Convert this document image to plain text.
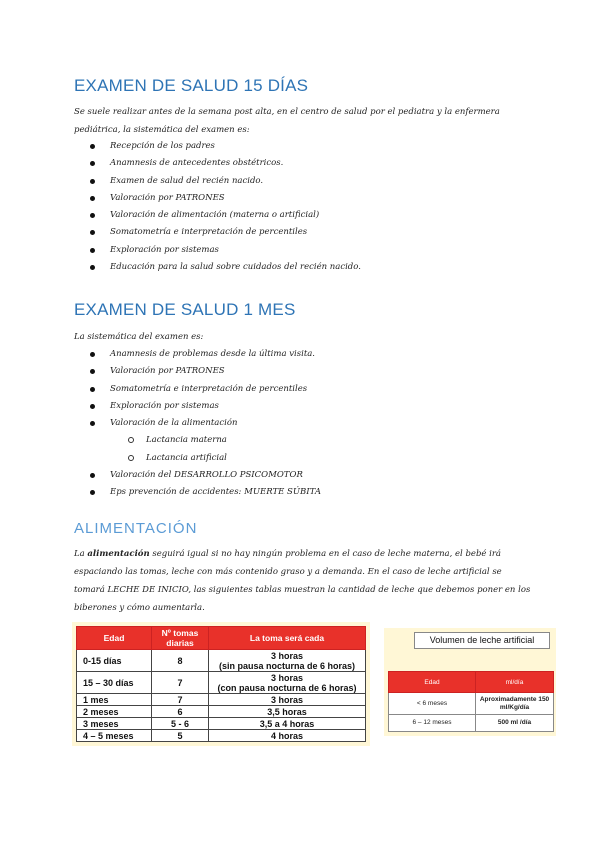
EXAMEN DE SALUD 15 DÍAS
Se suele realizar antes de la semana post alta, en el centro de salud por el pediatra y la enfermera pediátrica, la sistemática del examen es:
Recepción de los padres
Anamnesis de antecedentes obstétricos.
Examen de salud del recién nacido.
Valoración por PATRONES
Valoración de alimentación (materna o artificial)
Somatometría e interpretación de percentiles
Exploración por sistemas
Educación para la salud sobre cuidados del recién nacido.
EXAMEN DE SALUD 1 MES
La sistemática del examen es:
Anamnesis de problemas desde la última visita.
Valoración por PATRONES
Somatometría e interpretación de percentiles
Exploración por sistemas
Valoración de la alimentación
Lactancia materna
Lactancia artificial
Valoración del DESARROLLO PSICOMOTOR
Eps prevención de accidentes: MUERTE SÚBITA
ALIMENTACIÓN
La alimentación seguirá igual si no hay ningún problema en el caso de leche materna, el bebé irá espaciando las tomas, leche con más contenido graso y a demanda. En el caso de leche artificial se tomará LECHE DE INICIO, las siguientes tablas muestran la cantidad de leche que debemos poner en los biberones y cómo aumentarla.
Edad	Nº tomas diarias	La toma será cada
0-15 días	8	3 horas
(sin pausa nocturna de 6 horas)

15 – 30 días	7	3 horas
(con pausa nocturna de 6 horas)

1 mes	7	3 horas
2 meses	6	3,5 horas
3 meses	5 - 6	3,5 a 4 horas
4 – 5 meses	5	4 horas
Volumen de leche artificial
Edad	ml/día
< 6 meses	Aproximadamente 150 ml/Kg/día
6 – 12 meses	500 ml /día
